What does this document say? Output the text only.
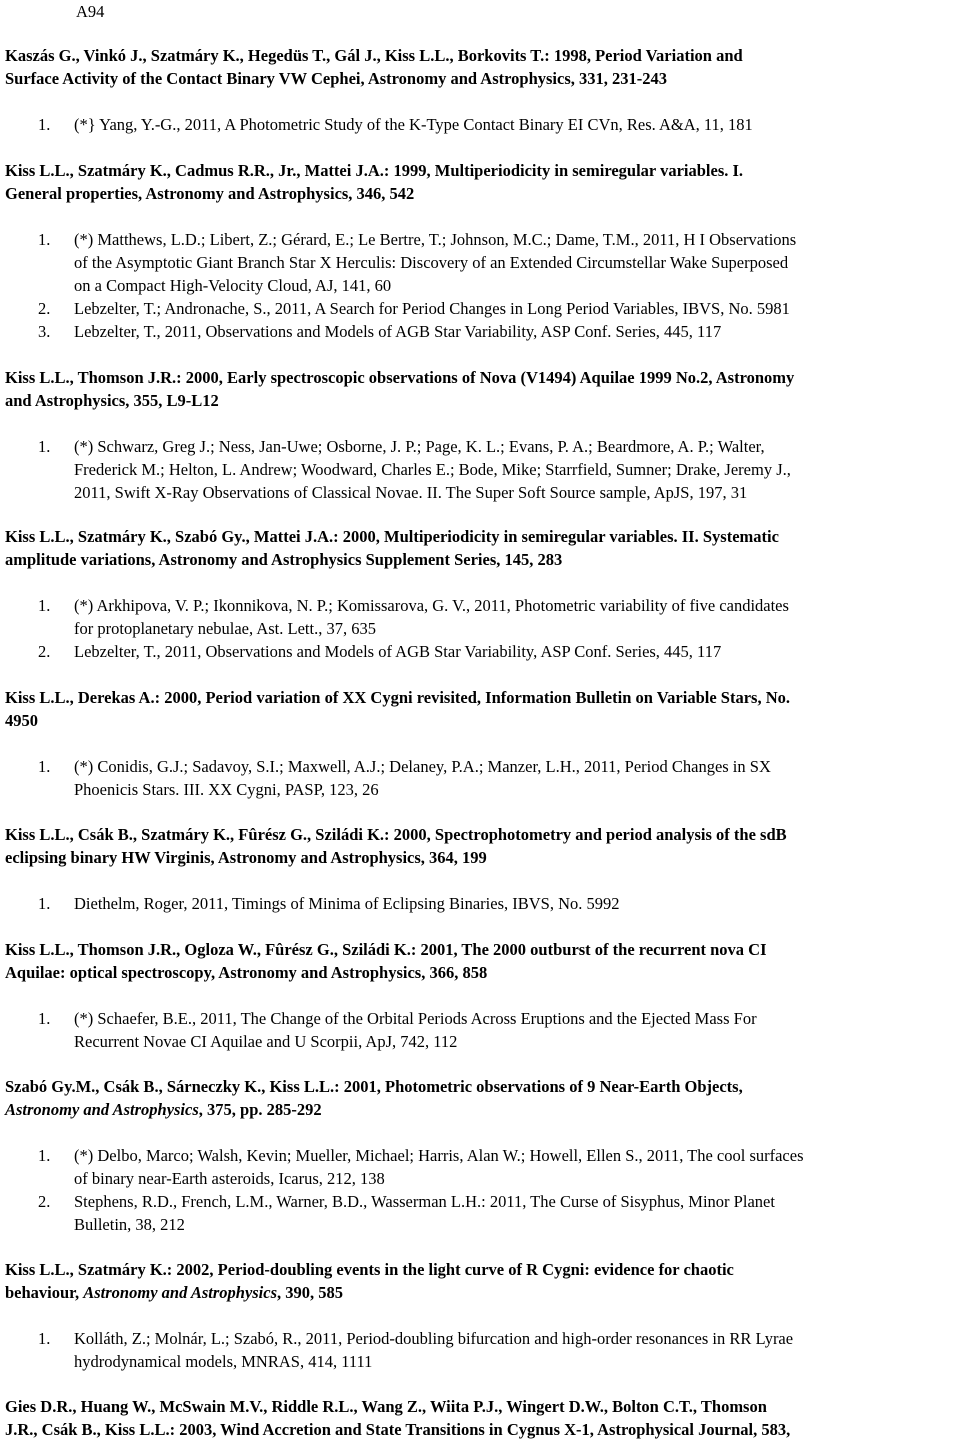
A94
Kaszás G., Vinkó J., Szatmáry K., Hegedüs T., Gál J., Kiss L.L., Borkovits T.: 1998, Period Variation and
Surface Activity of the Contact Binary VW Cephei, Astronomy and Astrophysics, 331, 231-243
1. (*} Yang, Y.-G., 2011, A Photometric Study of the K-Type Contact Binary EI CVn, Res. A&A, 11, 181
Kiss L.L., Szatmáry K., Cadmus R.R., Jr., Mattei J.A.: 1999, Multiperiodicity in semiregular variables. I.
General properties, Astronomy and Astrophysics, 346, 542
1. (*) Matthews, L.D.; Libert, Z.; Gérard, E.; Le Bertre, T.; Johnson, M.C.; Dame, T.M., 2011, H I Observations
of the Asymptotic Giant Branch Star X Herculis: Discovery of an Extended Circumstellar Wake Superposed
on a Compact High-Velocity Cloud, AJ, 141, 60
2. Lebzelter, T.; Andronache, S., 2011, A Search for Period Changes in Long Period Variables, IBVS, No. 5981
3. Lebzelter, T., 2011, Observations and Models of AGB Star Variability, ASP Conf. Series, 445, 117
Kiss L.L., Thomson J.R.: 2000, Early spectroscopic observations of Nova (V1494) Aquilae 1999 No.2, Astronomy
and Astrophysics, 355, L9-L12
1. (*) Schwarz, Greg J.; Ness, Jan-Uwe; Osborne, J. P.; Page, K. L.; Evans, P. A.; Beardmore, A. P.; Walter,
Frederick M.; Helton, L. Andrew; Woodward, Charles E.; Bode, Mike; Starrfield, Sumner; Drake, Jeremy J.,
2011, Swift X-Ray Observations of Classical Novae. II. The Super Soft Source sample, ApJS, 197, 31
Kiss L.L., Szatmáry K., Szabó Gy., Mattei J.A.: 2000, Multiperiodicity in semiregular variables. II. Systematic
amplitude variations, Astronomy and Astrophysics Supplement Series, 145, 283
1. (*) Arkhipova, V. P.; Ikonnikova, N. P.; Komissarova, G. V., 2011, Photometric variability of five candidates
for protoplanetary nebulae, Ast. Lett., 37, 635
2. Lebzelter, T., 2011, Observations and Models of AGB Star Variability, ASP Conf. Series, 445, 117
Kiss L.L., Derekas A.: 2000, Period variation of XX Cygni revisited, Information Bulletin on Variable Stars, No.
4950
1. (*) Conidis, G.J.; Sadavoy, S.I.; Maxwell, A.J.; Delaney, P.A.; Manzer, L.H., 2011, Period Changes in SX
Phoenicis Stars. III. XX Cygni, PASP, 123, 26
Kiss L.L., Csák B., Szatmáry K., Fûrész G., Sziládi K.: 2000, Spectrophotometry and period analysis of the sdB
eclipsing binary HW Virginis, Astronomy and Astrophysics, 364, 199
1. Diethelm, Roger, 2011, Timings of Minima of Eclipsing Binaries, IBVS, No. 5992
Kiss L.L., Thomson J.R., Ogloza W., Fûrész G., Sziládi K.: 2001, The 2000 outburst of the recurrent nova CI
Aquilae: optical spectroscopy, Astronomy and Astrophysics, 366, 858
1. (*) Schaefer, B.E., 2011, The Change of the Orbital Periods Across Eruptions and the Ejected Mass For
Recurrent Novae CI Aquilae and U Scorpii, ApJ, 742, 112
Szabó Gy.M., Csák B., Sárneczky K., Kiss L.L.: 2001, Photometric observations of 9 Near-Earth Objects,
Astronomy and Astrophysics, 375, pp. 285-292
1. (*) Delbo, Marco; Walsh, Kevin; Mueller, Michael; Harris, Alan W.; Howell, Ellen S., 2011, The cool surfaces
of binary near-Earth asteroids, Icarus, 212, 138
2. Stephens, R.D., French, L.M., Warner, B.D., Wasserman L.H.: 2011, The Curse of Sisyphus, Minor Planet
Bulletin, 38, 212
Kiss L.L., Szatmáry K.: 2002, Period-doubling events in the light curve of R Cygni: evidence for chaotic
behaviour, Astronomy and Astrophysics, 390, 585
1. Kolláth, Z.; Molnár, L.; Szabó, R., 2011, Period-doubling bifurcation and high-order resonances in RR Lyrae
hydrodynamical models, MNRAS, 414, 1111
Gies D.R., Huang W., McSwain M.V., Riddle R.L., Wang Z., Wiita P.J., Wingert D.W., Bolton C.T., Thomson
J.R., Csák B., Kiss L.L.: 2003, Wind Accretion and State Transitions in Cygnus X-1, Astrophysical Journal, 583,
